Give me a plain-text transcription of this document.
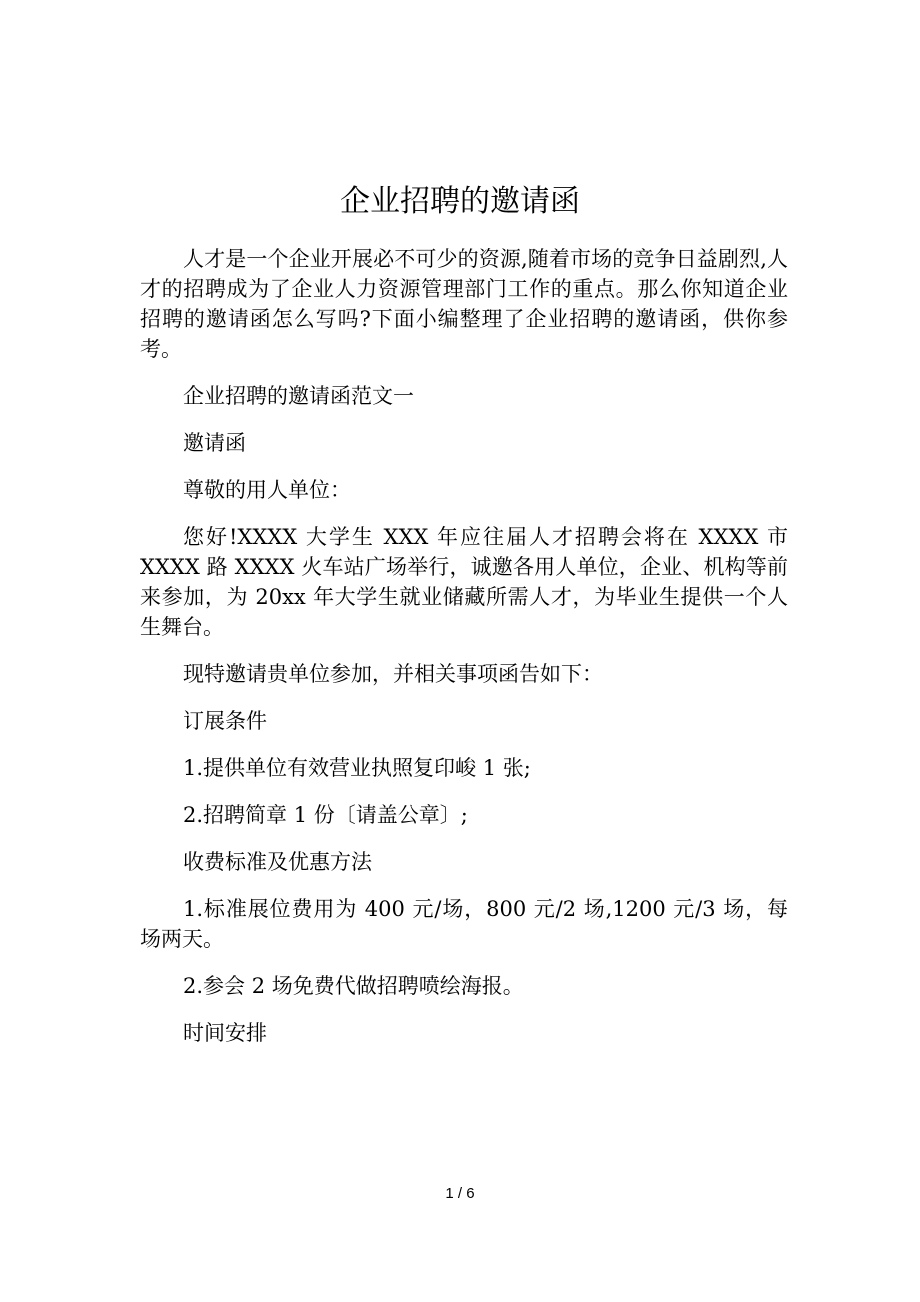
企业招聘的邀请函

人才是一个企业开展必不可少的资源,随着市场的竞争日益剧烈,人才的招聘成为了企业人力资源管理部门工作的重点。那么你知道企业招聘的邀请函怎么写吗?下面小编整理了企业招聘的邀请函，供你参考。

企业招聘的邀请函范文一

邀请函

尊敬的用人单位：

您好!XXXX 大学生 XXX 年应往届人才招聘会将在 XXXX 市 XXXX 路 XXXX 火车站广场举行，诚邀各用人单位，企业、机构等前来参加，为 20xx 年大学生就业储藏所需人才，为毕业生提供一个人生舞台。

现特邀请贵单位参加，并相关事项函告如下：

订展条件

1.提供单位有效营业执照复印峻 1 张;

2.招聘简章 1 份〔请盖公章〕;

收费标准及优惠方法

1.标准展位费用为 400 元/场，800 元/2 场,1200 元/3 场，每场两天。

2.参会 2 场免费代做招聘喷绘海报。

时间安排

1 / 6
